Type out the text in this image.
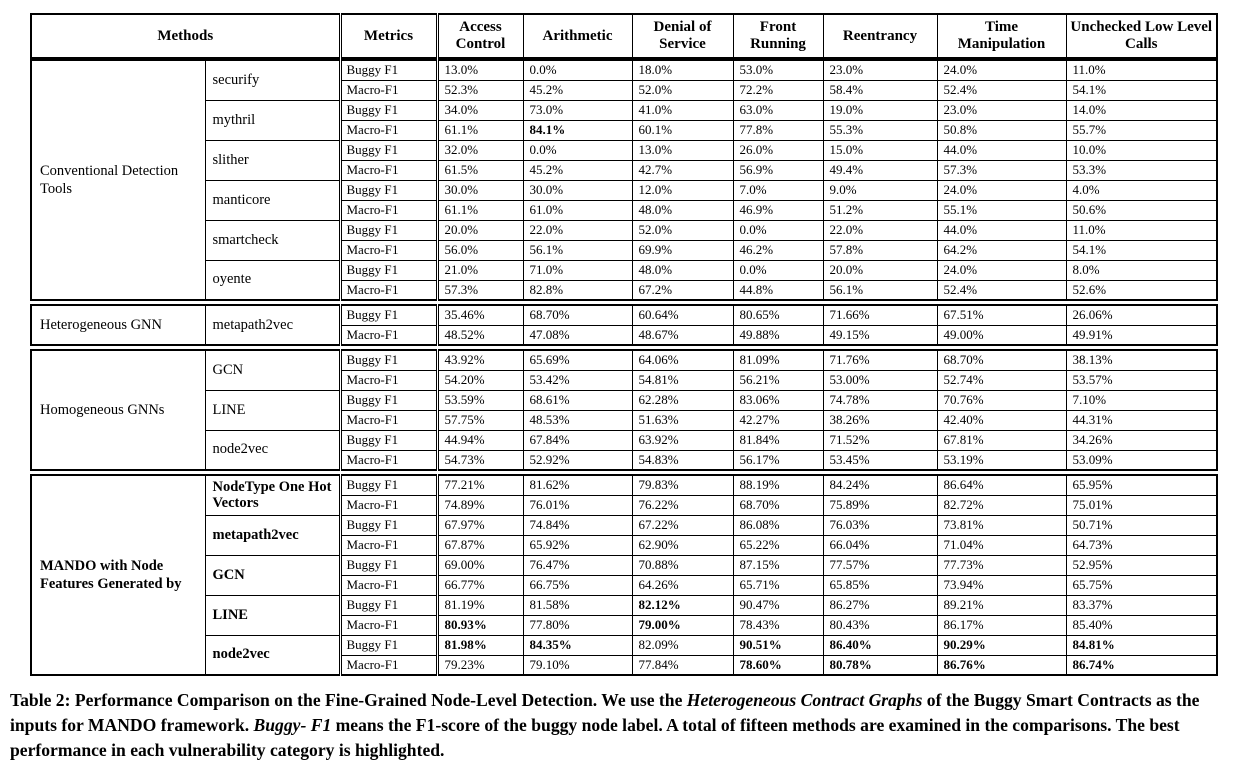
Methods	Metrics	Access Control	Arithmetic	Denial of Service	Front Running	Reentrancy	Time Manipulation	Unchecked Low Level Calls
Conventional Detection Tools	securify	Buggy F1	13.0%	0.0%	18.0%	53.0%	23.0%	24.0%	11.0%
		Macro-F1	52.3%	45.2%	52.0%	72.2%	58.4%	52.4%	54.1%
	mythril	Buggy F1	34.0%	73.0%	41.0%	63.0%	19.0%	23.0%	14.0%
		Macro-F1	61.1%	84.1%	60.1%	77.8%	55.3%	50.8%	55.7%
	slither	Buggy F1	32.0%	0.0%	13.0%	26.0%	15.0%	44.0%	10.0%
		Macro-F1	61.5%	45.2%	42.7%	56.9%	49.4%	57.3%	53.3%
	manticore	Buggy F1	30.0%	30.0%	12.0%	7.0%	9.0%	24.0%	4.0%
		Macro-F1	61.1%	61.0%	48.0%	46.9%	51.2%	55.1%	50.6%
	smartcheck	Buggy F1	20.0%	22.0%	52.0%	0.0%	22.0%	44.0%	11.0%
		Macro-F1	56.0%	56.1%	69.9%	46.2%	57.8%	64.2%	54.1%
	oyente	Buggy F1	21.0%	71.0%	48.0%	0.0%	20.0%	24.0%	8.0%
		Macro-F1	57.3%	82.8%	67.2%	44.8%	56.1%	52.4%	52.6%
Heterogeneous GNN	metapath2vec	Buggy F1	35.46%	68.70%	60.64%	80.65%	71.66%	67.51%	26.06%
		Macro-F1	48.52%	47.08%	48.67%	49.88%	49.15%	49.00%	49.91%
Homogeneous GNNs	GCN	Buggy F1	43.92%	65.69%	64.06%	81.09%	71.76%	68.70%	38.13%
		Macro-F1	54.20%	53.42%	54.81%	56.21%	53.00%	52.74%	53.57%
	LINE	Buggy F1	53.59%	68.61%	62.28%	83.06%	74.78%	70.76%	7.10%
		Macro-F1	57.75%	48.53%	51.63%	42.27%	38.26%	42.40%	44.31%
	node2vec	Buggy F1	44.94%	67.84%	63.92%	81.84%	71.52%	67.81%	34.26%
		Macro-F1	54.73%	52.92%	54.83%	56.17%	53.45%	53.19%	53.09%
MANDO with Node Features Generated by	NodeType One Hot Vectors	Buggy F1	77.21%	81.62%	79.83%	88.19%	84.24%	86.64%	65.95%
		Macro-F1	74.89%	76.01%	76.22%	68.70%	75.89%	82.72%	75.01%
	metapath2vec	Buggy F1	67.97%	74.84%	67.22%	86.08%	76.03%	73.81%	50.71%
		Macro-F1	67.87%	65.92%	62.90%	65.22%	66.04%	71.04%	64.73%
	GCN	Buggy F1	69.00%	76.47%	70.88%	87.15%	77.57%	77.73%	52.95%
		Macro-F1	66.77%	66.75%	64.26%	65.71%	65.85%	73.94%	65.75%
	LINE	Buggy F1	81.19%	81.58%	82.12%	90.47%	86.27%	89.21%	83.37%
		Macro-F1	80.93%	77.80%	79.00%	78.43%	80.43%	86.17%	85.40%
	node2vec	Buggy F1	81.98%	84.35%	82.09%	90.51%	86.40%	90.29%	84.81%
		Macro-F1	79.23%	79.10%	77.84%	78.60%	80.78%	86.76%	86.74%
Table 2: Performance Comparison on the Fine-Grained Node-Level Detection. We use the Heterogeneous Contract Graphs of the Buggy Smart Contracts as the inputs for MANDO framework. Buggy- F1 means the F1-score of the buggy node label. A total of fifteen methods are examined in the comparisons. The best performance in each vulnerability category is highlighted.
